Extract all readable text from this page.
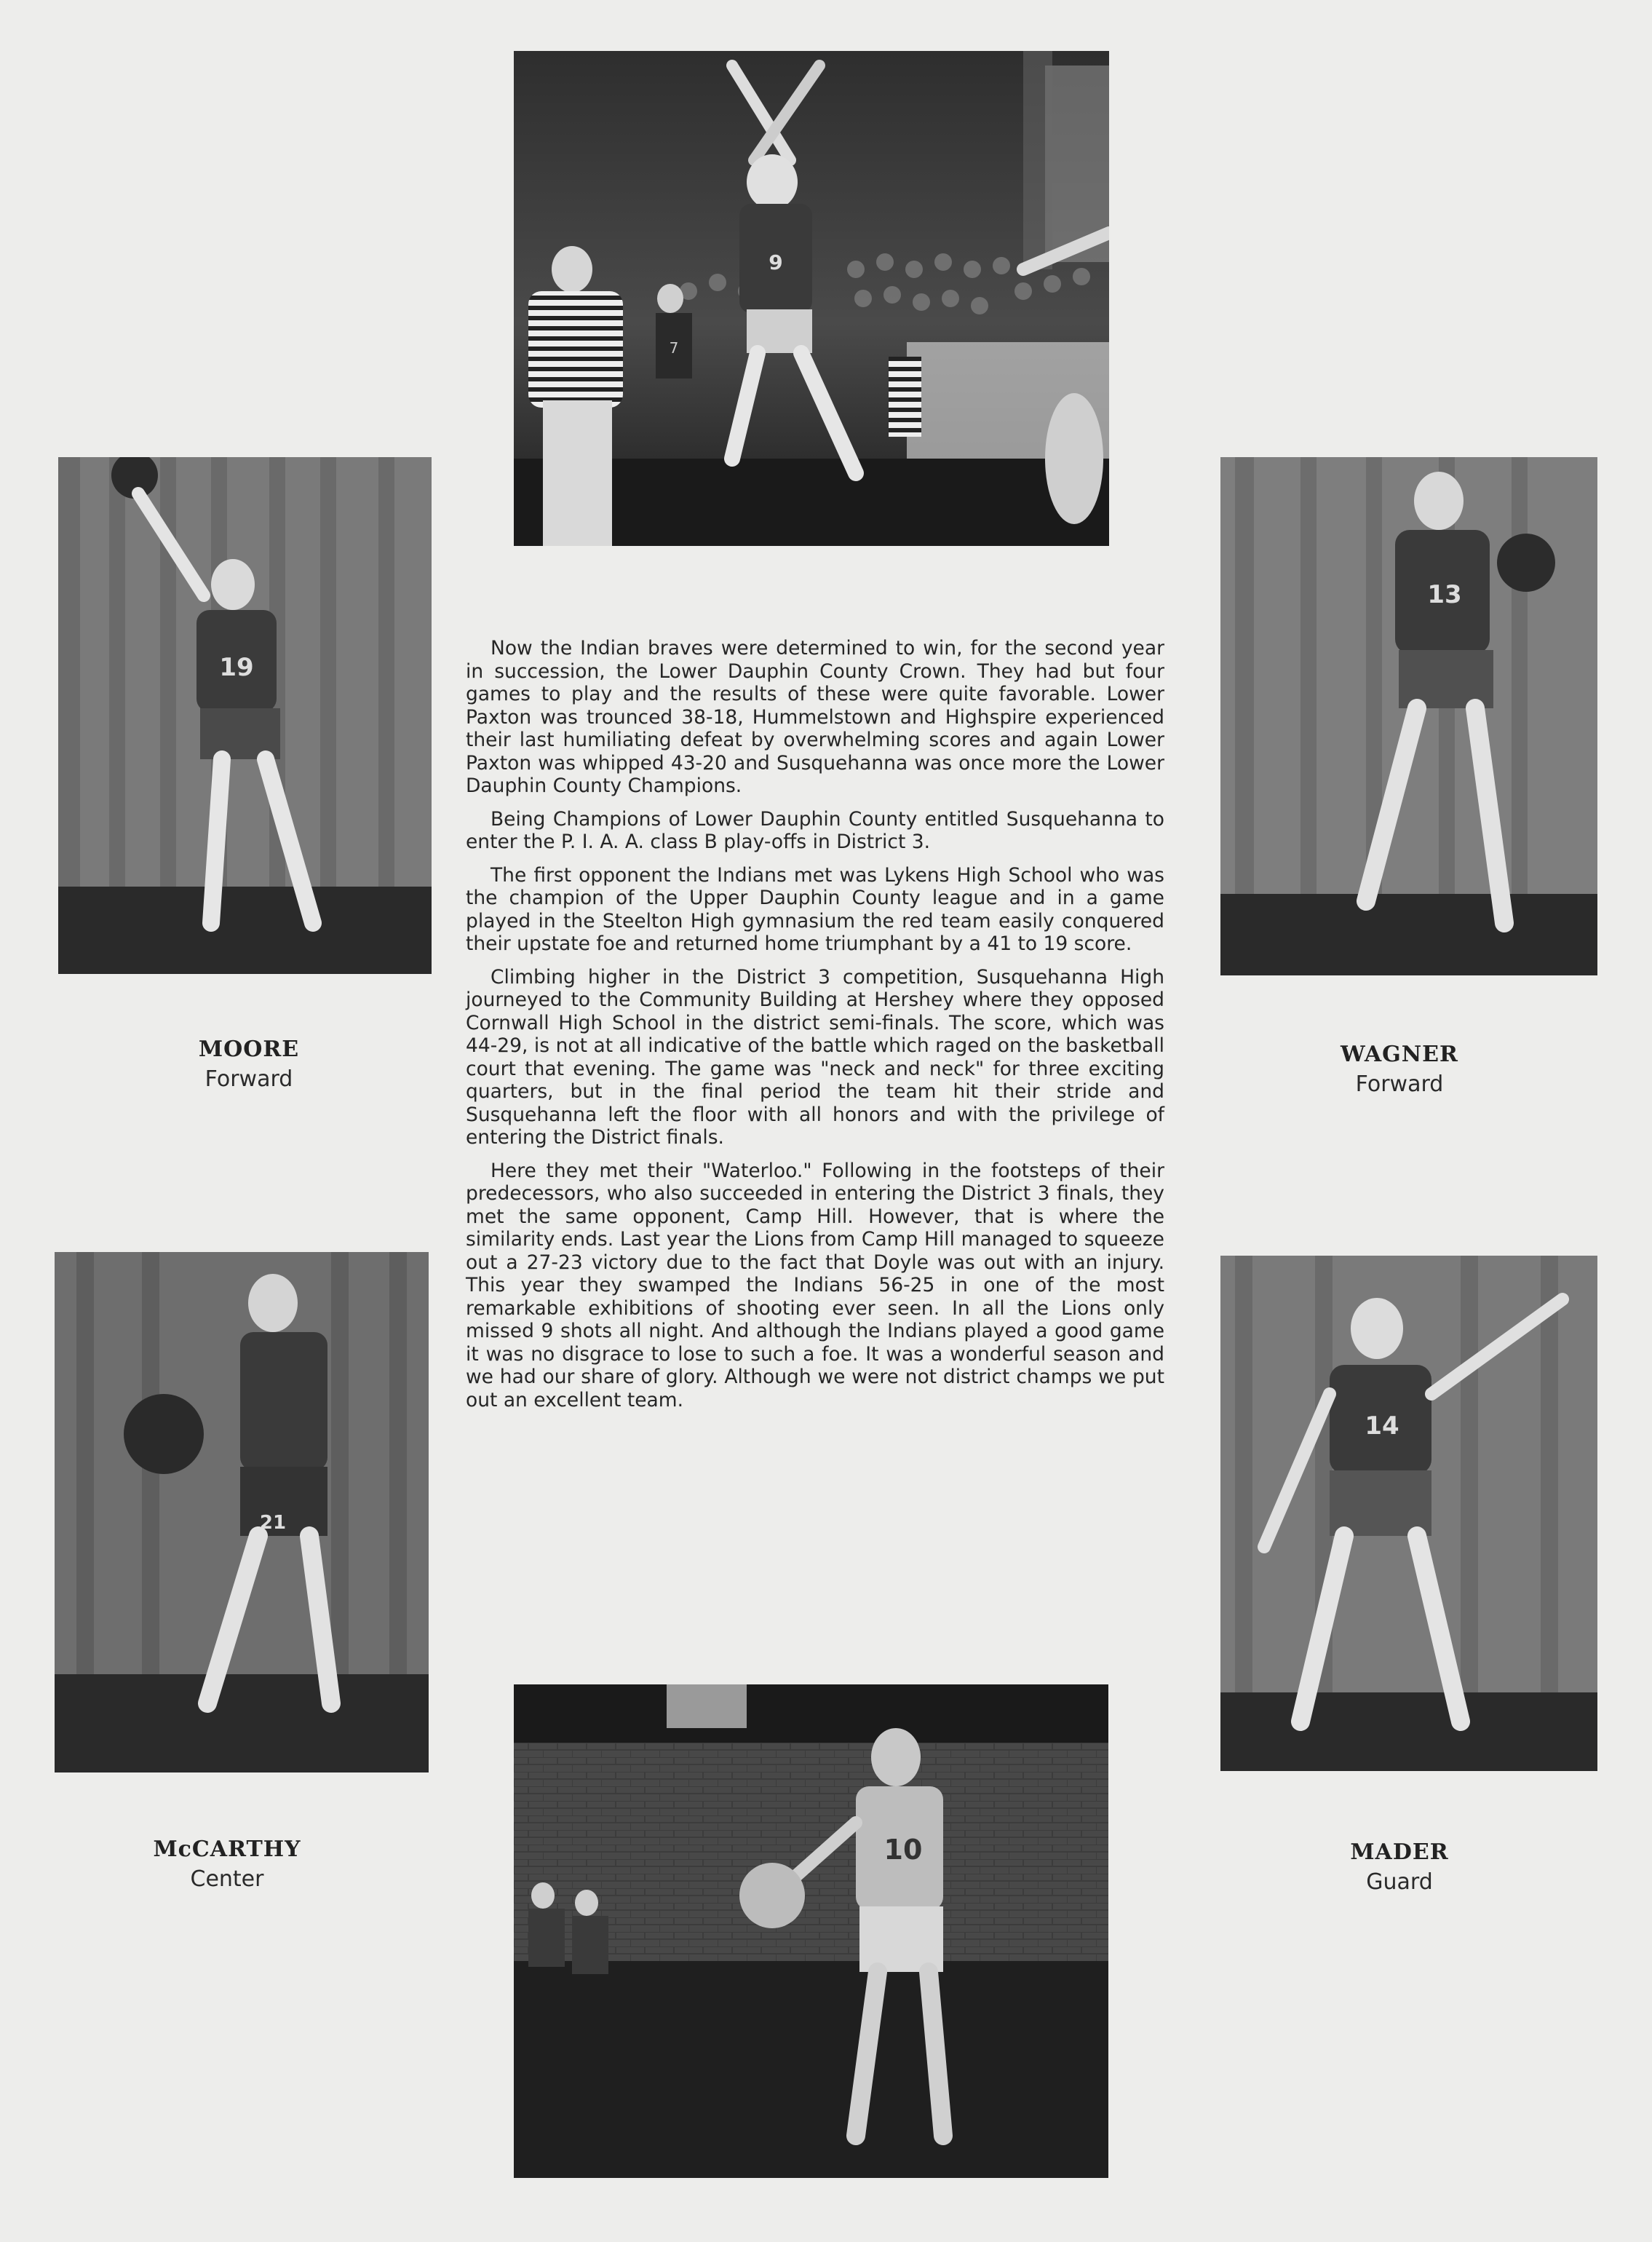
9
7
19
13
21
14
10
MOORE
Forward
WAGNER
Forward
McCARTHY
Center
MADER
Guard

Now the Indian braves were determined to win, for the second year in succession, the Lower Dauphin County Crown. They had but four games to play and the results of these were quite favorable. Lower Paxton was trounced 38-18, Hummelstown and Highspire experienced their last humiliating defeat by overwhelming scores and again Lower Paxton was whipped 43-20 and Susquehanna was once more the Lower Dauphin County Champions.

Being Champions of Lower Dauphin County entitled Susquehanna to enter the P. I. A. A. class B play-offs in District 3.

The first opponent the Indians met was Lykens High School who was the champion of the Upper Dauphin County league and in a game played in the Steelton High gymnasium the red team easily conquered their upstate foe and returned home triumphant by a 41 to 19 score.

Climbing higher in the District 3 competition, Susquehanna High journeyed to the Community Building at Hershey where they opposed Cornwall High School in the district semi-finals. The score, which was 44-29, is not at all indicative of the battle which raged on the basketball court that evening. The game was "neck and neck" for three exciting quarters, but in the final period the team hit their stride and Susquehanna left the floor with all honors and with the privilege of entering the District finals.

Here they met their "Waterloo." Following in the footsteps of their predecessors, who also succeeded in entering the District 3 finals, they met the same opponent, Camp Hill. However, that is where the similarity ends. Last year the Lions from Camp Hill managed to squeeze out a 27-23 victory due to the fact that Doyle was out with an injury. This year they swamped the Indians 56-25 in one of the most remarkable exhibitions of shooting ever seen. In all the Lions only missed 9 shots all night. And although the Indians played a good game it was no disgrace to lose to such a foe. It was a wonderful season and we had our share of glory. Although we were not district champs we put out an excellent team.
